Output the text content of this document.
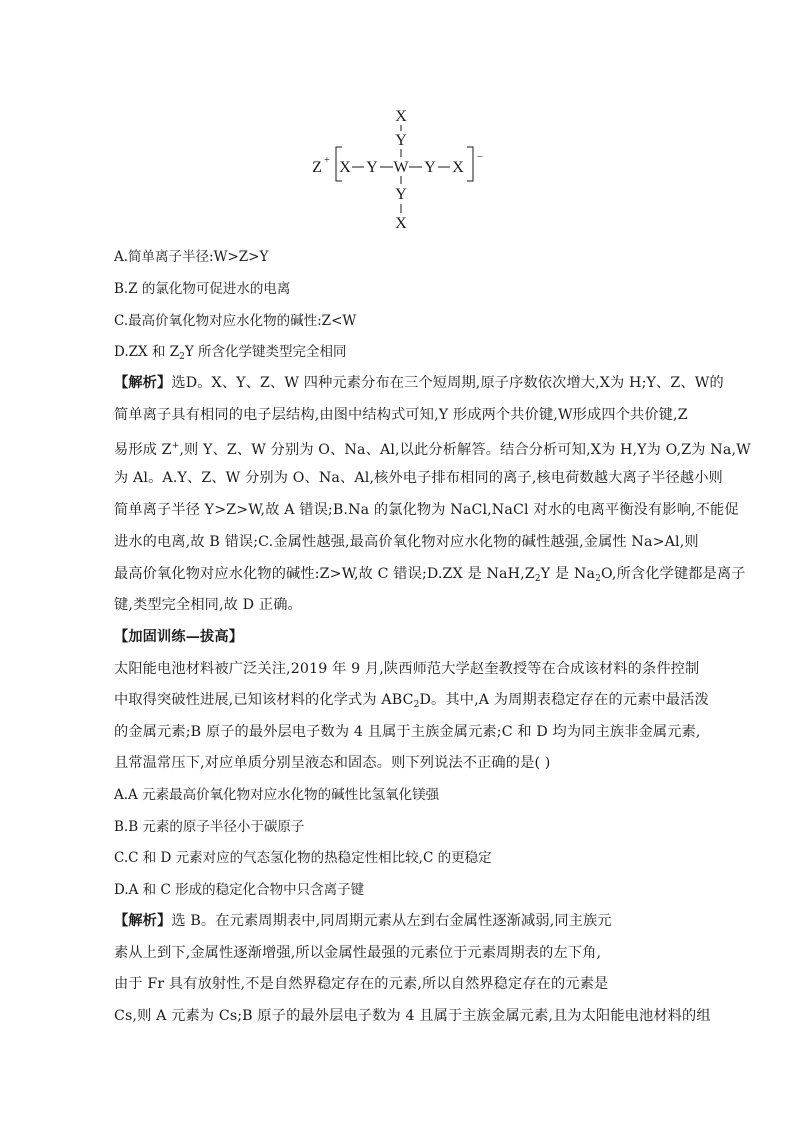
X
Y
W
Y
X
X Y	Y X
Z +	−
A.简单离子半径:W>Z>Y
B.Z 的氯化物可促进水的电离
C.最高价氧化物对应水化物的碱性:Z<W
D.ZX 和 $Z_2Y$ 所含化学键类型完全相同
【解析】选D。X、Y、Z、W 四种元素分布在三个短周期,原子序数依次增大,X为 H;Y、Z、W的
简单离子具有相同的电子层结构,由图中结构式可知,Y 形成两个共价键,W形成四个共价键,Z
易形成 Z+,则 Y、Z、W 分别为 O、Na、Al,以此分析解答。结合分析可知,X为 H,Y为 O,Z为 Na,W
为 Al。A.Y、Z、W 分别为 O、Na、Al,核外电子排布相同的离子,核电荷数越大离子半径越小则
简单离子半径 Y>Z>W,故 A 错误;B.Na 的氯化物为 NaCl,NaCl 对水的电离平衡没有影响,不能促
进水的电离,故 B 错误;C.金属性越强,最高价氧化物对应水化物的碱性越强,金属性 Na>Al,则
最高价氧化物对应水化物的碱性:Z>W,故 C 错误;D.ZX 是 $NaH,Z_2Y$ 是 $Na_2O$,所含化学键都是离子
键,类型完全相同,故 D 正确。
【加固训练—拔高】
太阳能电池材料被广泛关注,2019 年 9 月,陕西师范大学赵奎教授等在合成该材料的条件控制
中取得突破性进展,已知该材料的化学式为 $ABC_2D$。其中,A 为周期表稳定存在的元素中最活泼
的金属元素;B 原子的最外层电子数为 4 且属于主族金属元素;C 和 D 均为同主族非金属元素,
且常温常压下,对应单质分别呈液态和固态。则下列说法不正确的是( )
A.A 元素最高价氧化物对应水化物的碱性比氢氧化镁强
B.B 元素的原子半径小于碳原子
C.C 和 D 元素对应的气态氢化物的热稳定性相比较,C 的更稳定
D.A 和 C 形成的稳定化合物中只含离子键
【解析】选 B。在元素周期表中,同周期元素从左到右金属性逐渐减弱,同主族元
素从上到下,金属性逐渐增强,所以金属性最强的元素位于元素周期表的左下角,
由于 Fr 具有放射性,不是自然界稳定存在的元素,所以自然界稳定存在的元素是
Cs,则 A 元素为 Cs;B 原子的最外层电子数为 4 且属于主族金属元素,且为太阳能电池材料的组
